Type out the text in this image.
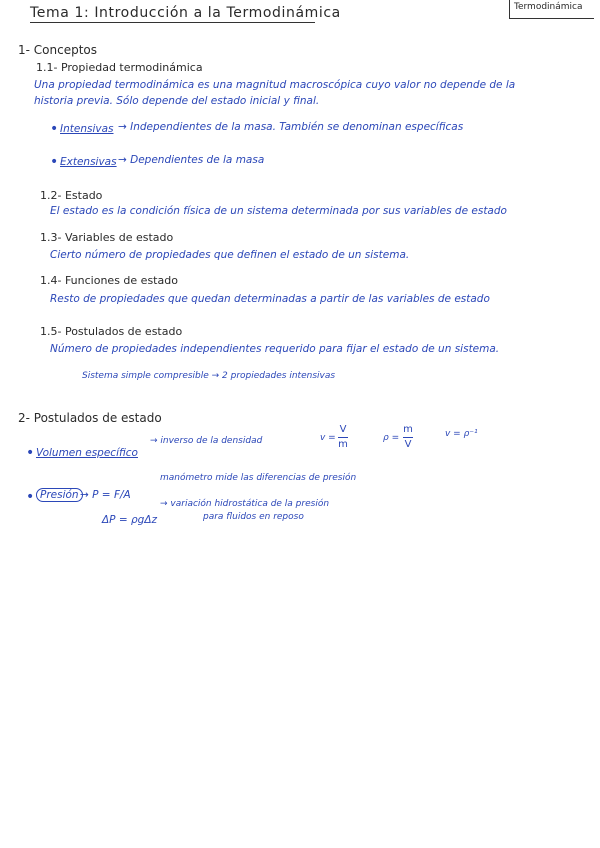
Tema 1: Introducción a la Termodinámica	Termodinámica
1- Conceptos
1.1- Propiedad termodinámica
Una propiedad termodinámica es una magnitud macroscópica cuyo valor no depende de la
historia previa. Sólo depende del estado inicial y final.
• Intensivas → Independientes de la masa. También se denominan específicas
• Extensivas → Dependientes de la masa
1.2- Estado
El estado es la condición física de un sistema determinada por sus variables de estado
1.3- Variables de estado
Cierto número de propiedades que definen el estado de un sistema.
1.4- Funciones de estado
Resto de propiedades que quedan determinadas a partir de las variables de estado
1.5- Postulados de estado
Número de propiedades independientes requerido para fijar el estado de un sistema.
Sistema simple compresible → 2 propiedades intensivas
2- Postulados de estado
• Volumen específico
→ inverso de la densidad	v =
V
m
ρ =
m
V
v = ρ⁻¹
• Presión → P = F/A
manómetro mide las diferencias de presión
ΔP = ρgΔz
→ variación hidrostática de la presión
para fluidos en reposo
